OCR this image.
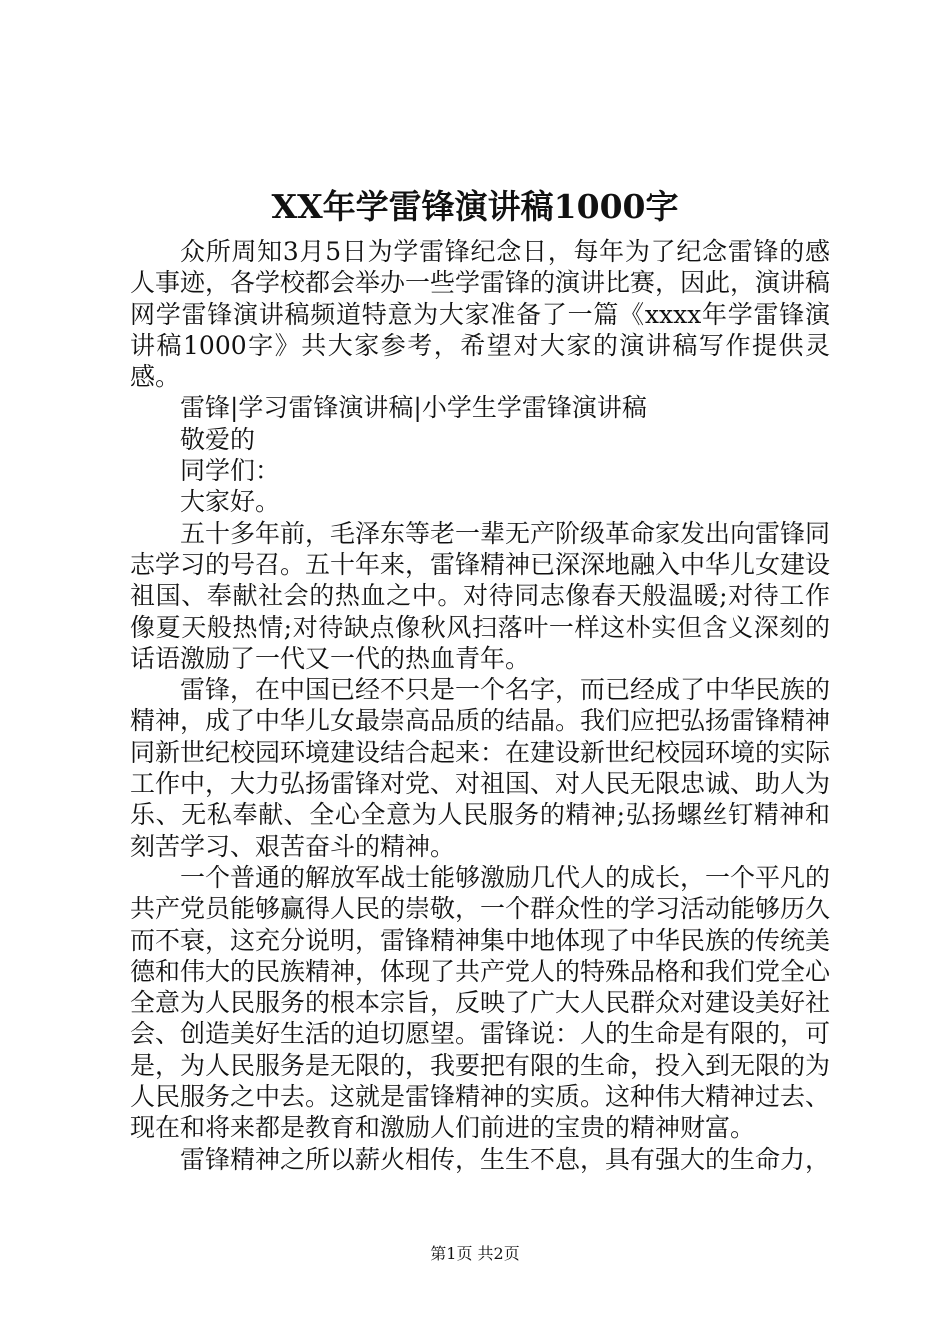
XX年学雷锋演讲稿1000字

众所周知3月5日为学雷锋纪念日，每年为了纪念雷锋的感人事迹，各学校都会举办一些学雷锋的演讲比赛，因此，演讲稿网学雷锋演讲稿频道特意为大家准备了一篇《xxxx年学雷锋演讲稿1000字》共大家参考，希望对大家的演讲稿写作提供灵感。

雷锋|学习雷锋演讲稿|小学生学雷锋演讲稿

敬爱的

同学们：

大家好。

五十多年前，毛泽东等老一辈无产阶级革命家发出向雷锋同志学习的号召。五十年来，雷锋精神已深深地融入中华儿女建设祖国、奉献社会的热血之中。对待同志像春天般温暖;对待工作像夏天般热情;对待缺点像秋风扫落叶一样这朴实但含义深刻的话语激励了一代又一代的热血青年。

雷锋，在中国已经不只是一个名字，而已经成了中华民族的精神，成了中华儿女最崇高品质的结晶。我们应把弘扬雷锋精神同新世纪校园环境建设结合起来：在建设新世纪校园环境的实际工作中，大力弘扬雷锋对党、对祖国、对人民无限忠诚、助人为乐、无私奉献、全心全意为人民服务的精神;弘扬螺丝钉精神和刻苦学习、艰苦奋斗的精神。

一个普通的解放军战士能够激励几代人的成长，一个平凡的共产党员能够赢得人民的崇敬，一个群众性的学习活动能够历久而不衰，这充分说明，雷锋精神集中地体现了中华民族的传统美德和伟大的民族精神，体现了共产党人的特殊品格和我们党全心全意为人民服务的根本宗旨，反映了广大人民群众对建设美好社会、创造美好生活的迫切愿望。雷锋说：人的生命是有限的，可是，为人民服务是无限的，我要把有限的生命，投入到无限的为人民服务之中去。这就是雷锋精神的实质。这种伟大精神过去、现在和将来都是教育和激励人们前进的宝贵的精神财富。

雷锋精神之所以薪火相传，生生不息，具有强大的生命力，

第1页 共2页
